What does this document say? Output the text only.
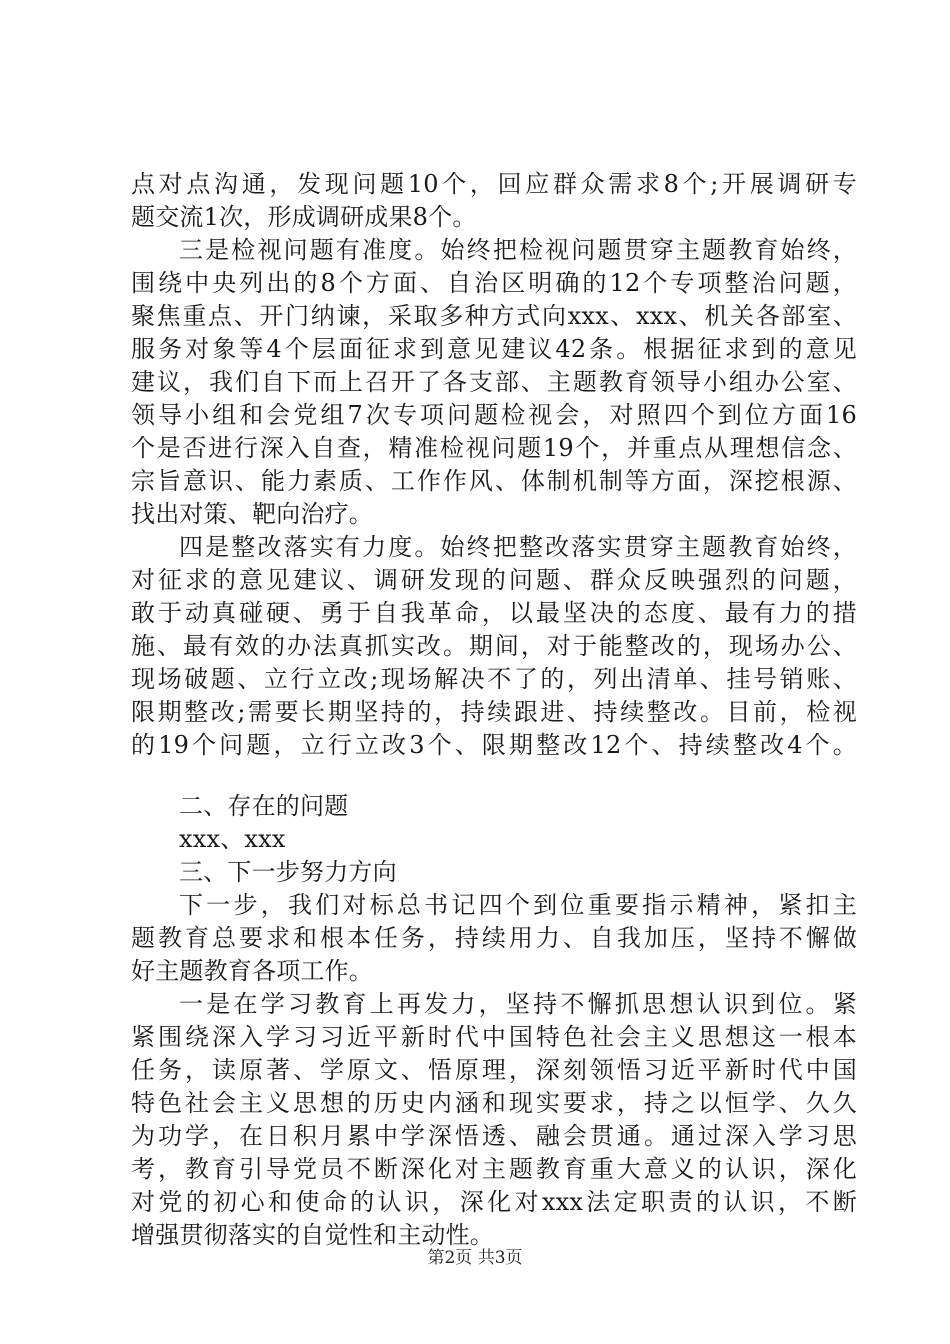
点对点沟通，发现问题10个，回应群众需求8个;开展调研专
题交流1次，形成调研成果8个。
三是检视问题有准度。始终把检视问题贯穿主题教育始终，
围绕中央列出的8个方面、自治区明确的12个专项整治问题，
聚焦重点、开门纳谏，采取多种方式向xxx、xxx、机关各部室、
服务对象等4个层面征求到意见建议42条。根据征求到的意见
建议，我们自下而上召开了各支部、主题教育领导小组办公室、
领导小组和会党组7次专项问题检视会，对照四个到位方面16
个是否进行深入自查，精准检视问题19个，并重点从理想信念、
宗旨意识、能力素质、工作作风、体制机制等方面，深挖根源、
找出对策、靶向治疗。
四是整改落实有力度。始终把整改落实贯穿主题教育始终，
对征求的意见建议、调研发现的问题、群众反映强烈的问题，
敢于动真碰硬、勇于自我革命，以最坚决的态度、最有力的措
施、最有效的办法真抓实改。期间，对于能整改的，现场办公、
现场破题、立行立改;现场解决不了的，列出清单、挂号销账、
限期整改;需要长期坚持的，持续跟进、持续整改。目前，检视
的19个问题，立行立改3个、限期整改12个、持续整改4个。
二、存在的问题
xxx、xxx
三、下一步努力方向
下一步，我们对标总书记四个到位重要指示精神，紧扣主
题教育总要求和根本任务，持续用力、自我加压，坚持不懈做
好主题教育各项工作。
一是在学习教育上再发力，坚持不懈抓思想认识到位。紧
紧围绕深入学习习近平新时代中国特色社会主义思想这一根本
任务，读原著、学原文、悟原理，深刻领悟习近平新时代中国
特色社会主义思想的历史内涵和现实要求，持之以恒学、久久
为功学，在日积月累中学深悟透、融会贯通。通过深入学习思
考，教育引导党员不断深化对主题教育重大意义的认识，深化
对党的初心和使命的认识，深化对xxx法定职责的认识，不断
增强贯彻落实的自觉性和主动性。
第2页 共3页
